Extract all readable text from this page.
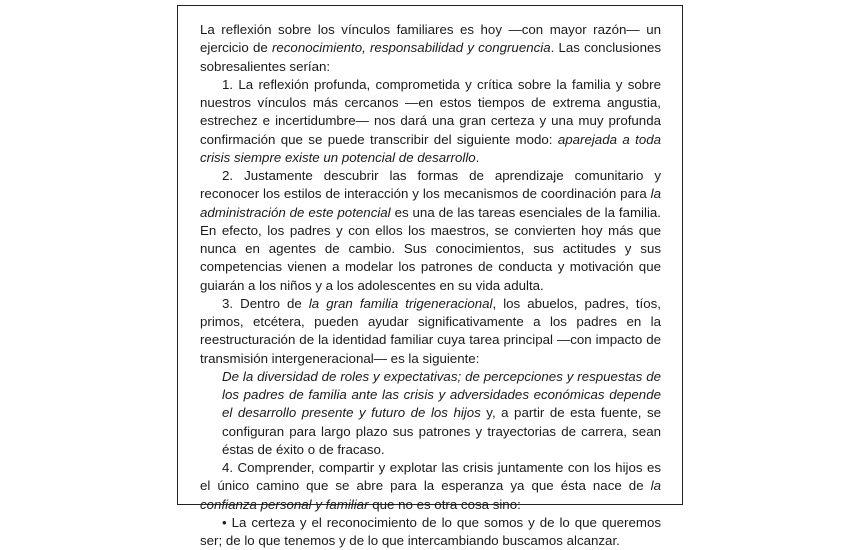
La reflexión sobre los vínculos familiares es hoy —con mayor razón— un ejercicio de reconocimiento, responsabilidad y congruencia. Las conclusiones sobresalientes serían:

1. La reflexión profunda, comprometida y crítica sobre la familia y sobre nuestros vínculos más cercanos —en estos tiempos de extrema angustia, estrechez e incertidumbre— nos dará una gran certeza y una muy profunda confirmación que se puede transcribir del siguiente modo: aparejada a toda crisis siempre existe un potencial de desarrollo.

2. Justamente descubrir las formas de aprendizaje comunitario y reconocer los estilos de interacción y los mecanismos de coordinación para la administración de este potencial es una de las tareas esenciales de la familia. En efecto, los padres y con ellos los maestros, se convierten hoy más que nunca en agentes de cambio. Sus conocimientos, sus actitudes y sus competencias vienen a modelar los patrones de conducta y motivación que guiarán a los niños y a los adolescentes en su vida adulta.

3. Dentro de la gran familia trigeneracional, los abuelos, padres, tíos, primos, etcétera, pueden ayudar significativamente a los padres en la reestructuración de la identidad familiar cuya tarea principal —con impacto de transmisión intergeneracional— es la siguiente:

De la diversidad de roles y expectativas; de percepciones y respuestas de los padres de familia ante las crisis y adversidades económicas depende el desarrollo presente y futuro de los hijos y, a partir de esta fuente, se configuran para largo plazo sus patrones y trayectorias de carrera, sean éstas de éxito o de fracaso.

4. Comprender, compartir y explotar las crisis juntamente con los hijos es el único camino que se abre para la esperanza ya que ésta nace de la confianza personal y familiar que no es otra cosa sino:

• La certeza y el reconocimiento de lo que somos y de lo que queremos ser; de lo que tenemos y de lo que intercambiando buscamos alcanzar.
